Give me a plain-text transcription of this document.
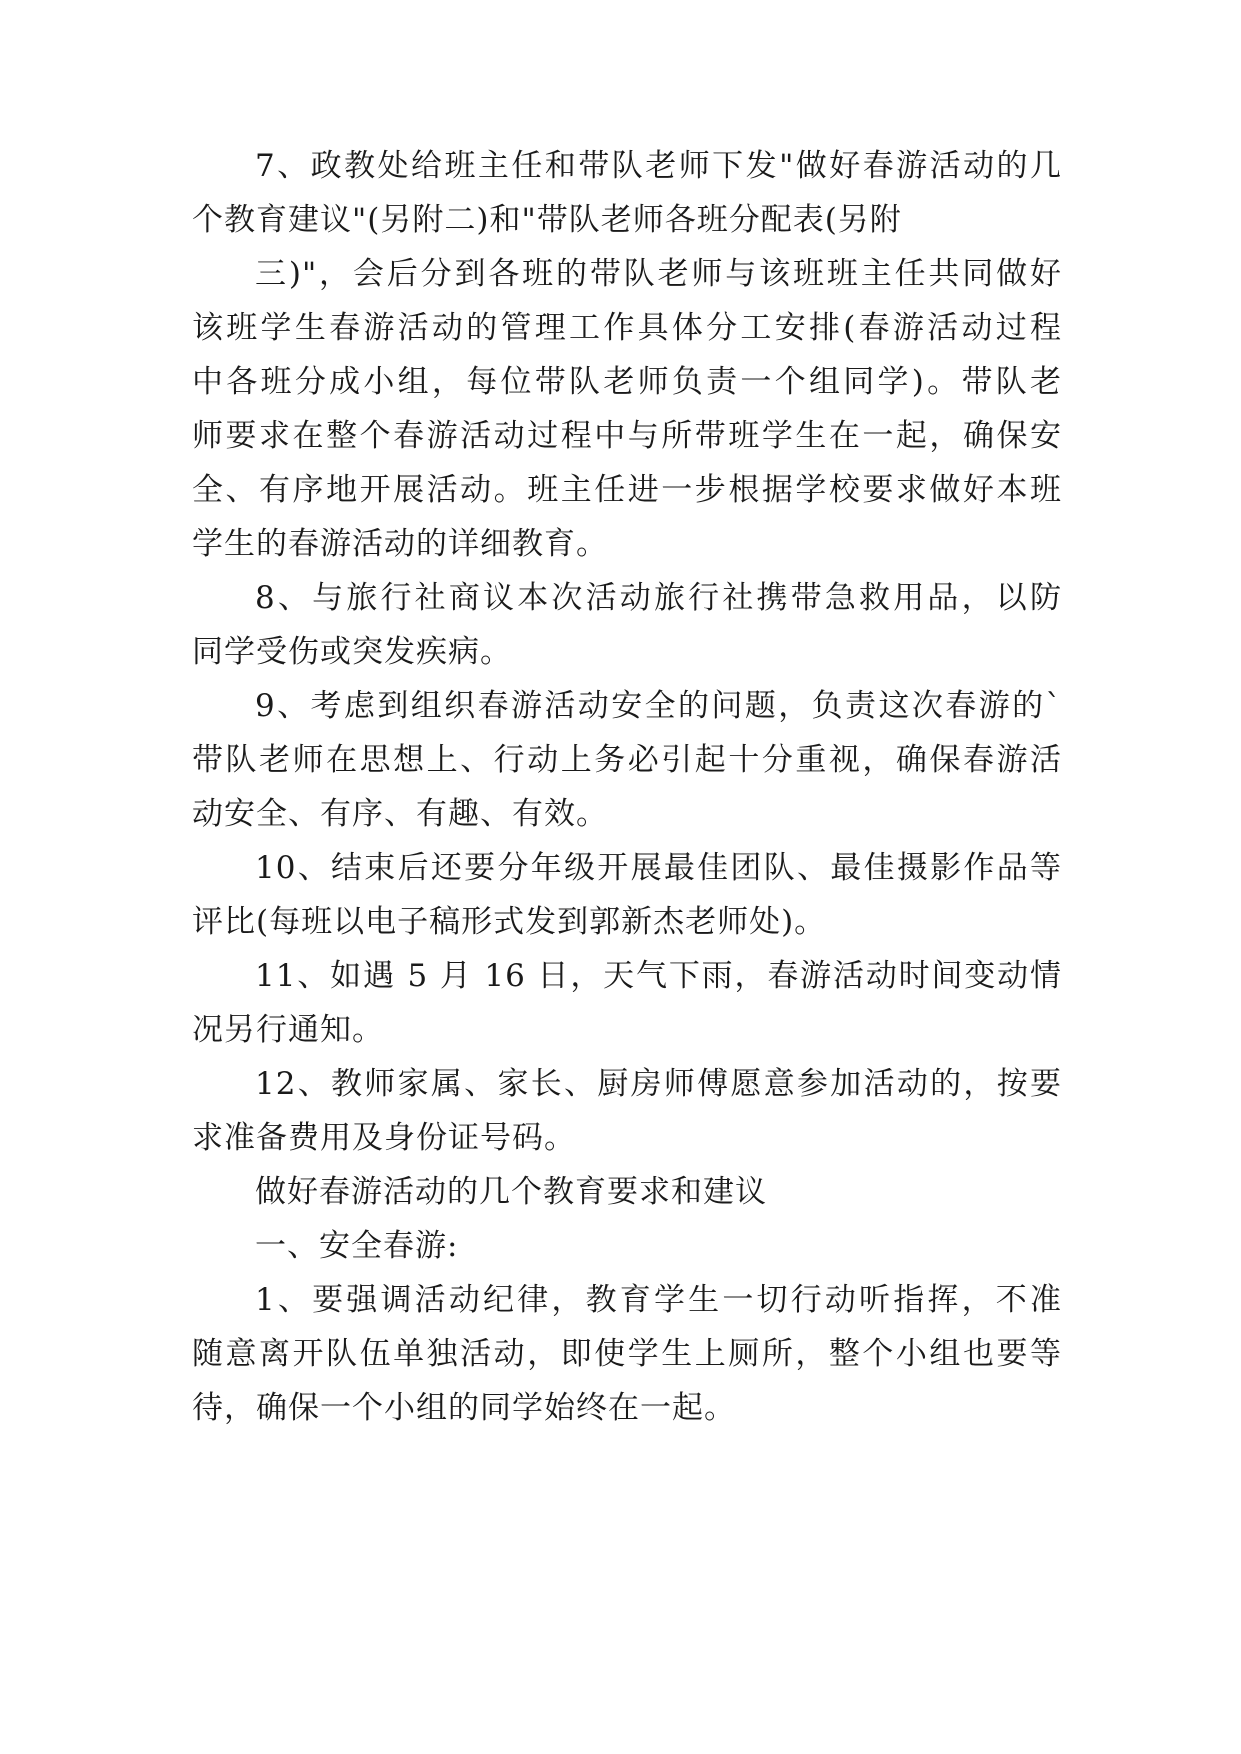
7、政教处给班主任和带队老师下发"做好春游活动的几
个教育建议"(另附二)和"带队老师各班分配表(另附
三)"，会后分到各班的带队老师与该班班主任共同做好
该班学生春游活动的管理工作具体分工安排(春游活动过程
中各班分成小组，每位带队老师负责一个组同学)。带队老
师要求在整个春游活动过程中与所带班学生在一起，确保安
全、有序地开展活动。班主任进一步根据学校要求做好本班
学生的春游活动的详细教育。
8、与旅行社商议本次活动旅行社携带急救用品，以防
同学受伤或突发疾病。
9、考虑到组织春游活动安全的问题，负责这次春游的`
带队老师在思想上、行动上务必引起十分重视，确保春游活
动安全、有序、有趣、有效。
10、结束后还要分年级开展最佳团队、最佳摄影作品等
评比(每班以电子稿形式发到郭新杰老师处)。
11、如遇 5 月 16 日，天气下雨，春游活动时间变动情
况另行通知。
12、教师家属、家长、厨房师傅愿意参加活动的，按要
求准备费用及身份证号码。
做好春游活动的几个教育要求和建议
一、安全春游:
1、要强调活动纪律，教育学生一切行动听指挥，不准
随意离开队伍单独活动，即使学生上厕所，整个小组也要等
待，确保一个小组的同学始终在一起。
